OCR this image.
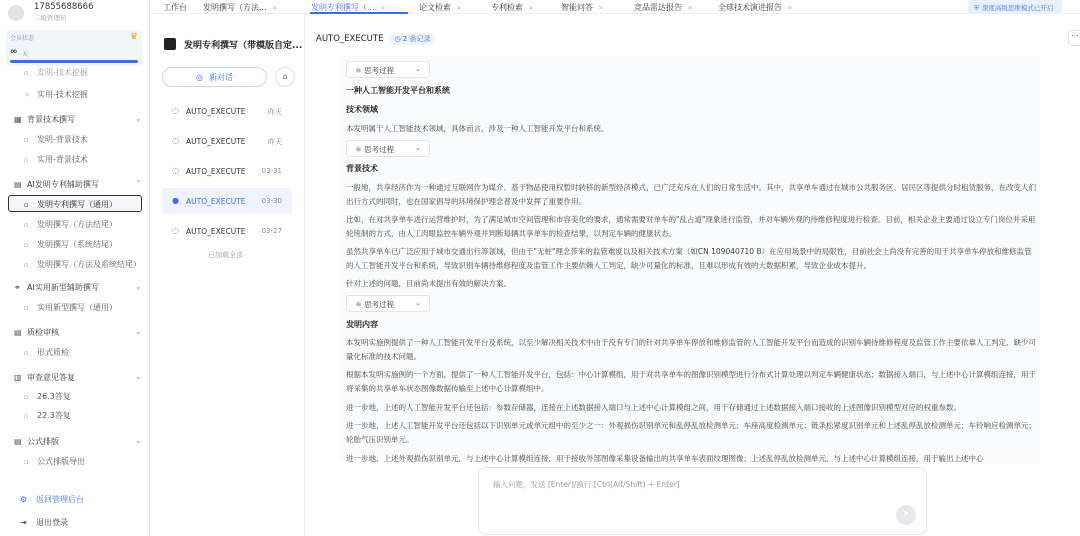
17855688666
二级管理员
会员状态	♛
∞ 天
▫ 发明-技术挖掘
✧ 实用-技术挖掘
▦ 背景技术撰写	⌄
▫ 发明-背景技术
▫ 实用-背景技术
▤ AI发明专利辅助撰写	⌃
▫ 发明专利撰写（通用）
▫ 发明撰写（方法结尾）
▫ 发明撰写（系统结尾）
▫ 发明撰写（方法及系统结尾）
⚭ AI实用新型辅助撰写	⌄
▫ 实用新型撰写（通用）
▤ 质检审核	⌄
▫ 形式质检
▥ 审查意见答复	⌄
▫ 26.3答复
▫ 22.3答复
▤ 公式排版	⌄
▫ 公式排版导出
⚙ 返回管理后台
⇥ 退出登录
工作台 发明撰写（方法... ×	发明专利撰写（... ×	论文检索 ×	专利检索 ×	智能问答 ×	竞品雷达报告 ×	全球技术演进报告 ×	⛨ 深度高级思维模式已开启
发明专利撰写（带模版自定...
◎ 新对话	⌂
◌ AUTO_EXECUTE	昨天
◌ AUTO_EXECUTE	昨天
◌ AUTO_EXECUTE 03-31
● AUTO_EXECUTE 03-30
◌ AUTO_EXECUTE 03-27
已加载全部
AUTO_EXECUTE ◷ 2 条记录	⋯
⚛ 思考过程	⌄
一种人工智能开发平台和系统
技术领域
本发明属于人工智能技术领域，具体而言，涉及一种人工智能开发平台和系统。
⚛ 思考过程	⌄
背景技术
一般地，共享经济作为一种通过互联网作为媒介、基于物品使用权暂时转移的新型经济模式，已广泛充斥在人们的日常生活中。其中，共享单车通过在城市公共服务区、居民区等提供分时租赁服务，在改变人们出行方式的同时，也在国家倡导的环境保护理念普及中发挥了重要作用。
比如，在对共享单车进行运营维护时，为了满足城市空间管理和市容美化的要求，通常需要对单车的"乱占道"现象进行监管，并对车辆外观的待维修程度进行检查。目前，相关企业主要通过设立专门岗位并采用轮班制的方式，由人工肉眼监控车辆外观并判断每辆共享单车的检查结果，以判定车辆的健康状态。
虽然共享单车已广泛应用于城市交通出行等领域，但由于"无桩"理念带来的监管难度以及相关技术方案（如CN 109040710 B）在应用场景中的局限性，目前社会上尚没有完善的用于共享单车停放和维修监管的人工智能开发平台和系统，导致识别车辆待维修程度及监管工作主要依赖人工判定，缺少可量化的标准，且难以形成有效的大数据积累，导致企业成本提升。
针对上述的问题，目前尚未提出有效的解决方案。
⚛ 思考过程	⌄
发明内容
本发明实施例提供了一种人工智能开发平台及系统，以至少解决相关技术中由于没有专门的针对共享单车停放和维修监管的人工智能开发平台而造成的识别车辆待维修程度及监管工作主要依靠人工判定、缺少可量化标准的技术问题。
根据本发明实施例的一个方面，提供了一种人工智能开发平台，包括：中心计算模组，用于对共享单车的图像识别模型进行分布式计算处理以判定车辆健康状态；数据接入端口，与上述中心计算模组连接，用于将采集的共享单车状态图像数据传输至上述中心计算模组中。
进一步地，上述的人工智能开发平台还包括：参数存储器，连接在上述数据接入端口与上述中心计算模组之间，用于存储通过上述数据接入端口接收的上述图像识别模型对应的权重参数。
进一步地，上述人工智能开发平台还包括以下识别单元或单元组中的至少之一：外观损伤识别单元和乱停乱放检测单元；车座高度检测单元；链条松紧度识别单元和上述乱停乱放检测单元；车铃响应检测单元；轮胎气压识别单元。
进一步地，上述外观损伤识别单元，与上述中心计算模组连接，用于接收外部图像采集设备输出的共享单车表面纹理图像；上述乱停乱放检测单元，与上述中心计算模组连接，用于输出上述中心
输入问题，发送 [Enter]/换行 [Ctrl(Alt/Shift) + Enter]
➤
